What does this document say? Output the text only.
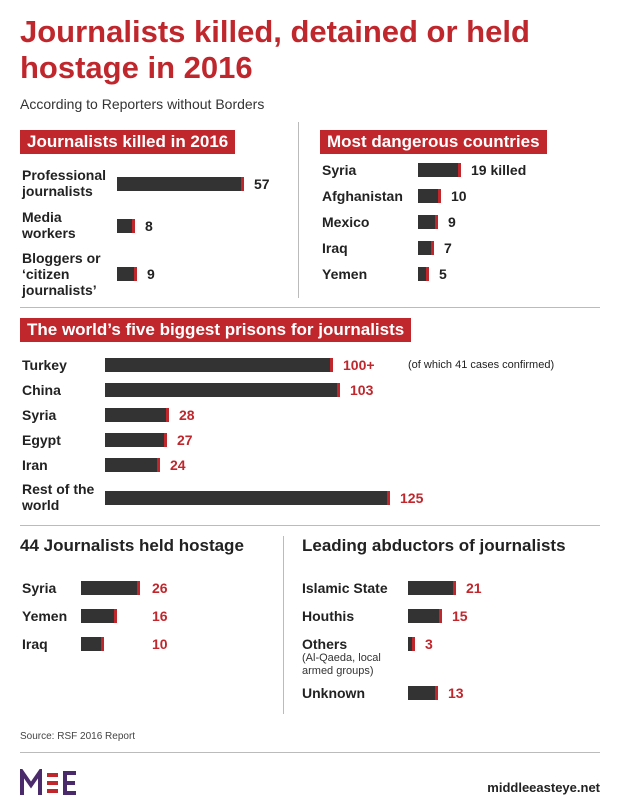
Journalists killed, detained or held hostage in 2016
According to Reporters without Borders
Journalists killed in 2016
Professional journalists
Media workers
Bloggers or ‘citizen journalists’
57
8
9
Most dangerous countries
Syria
Afghanistan
Mexico
Iraq
Yemen
19 killed
10
9
7
5
The world’s five biggest prisons for journalists
Turkey
China
Syria
Egypt
Iran
Rest of the world
100+
103
28
27
24
125
(of which 41 cases confirmed)
44 Journalists held hostage
Syria
Yemen
Iraq
26
16
10
Leading abductors of journalists
Islamic State
Houthis
Others
(Al-Qaeda, local armed groups)
Unknown
21
15
3
13
Source: RSF 2016 Report
middleeasteye.net
